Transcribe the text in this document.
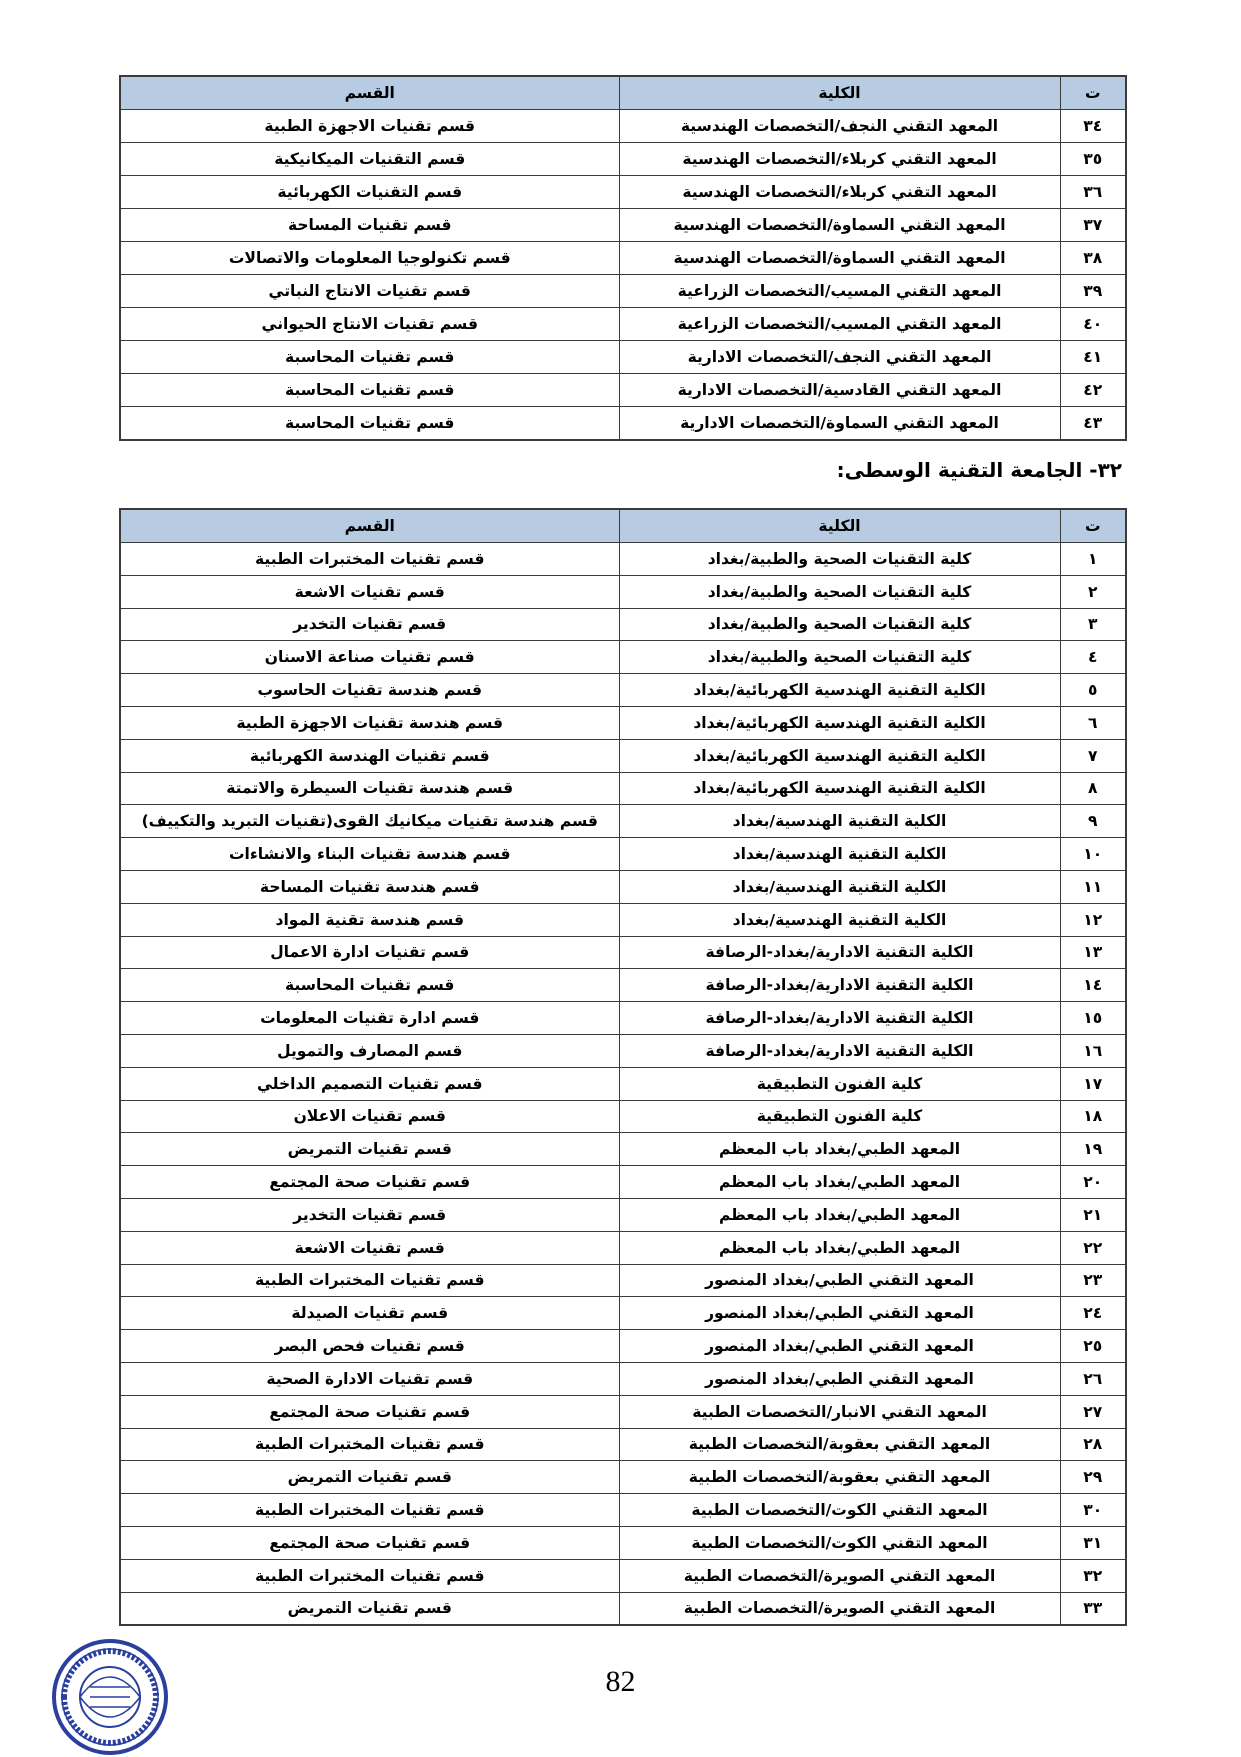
ت	الكلية	القسم
٣٤	المعهد التقني النجف/التخصصات الهندسية	قسم تقنيات الاجهزة الطبية
٣٥	المعهد التقني كربلاء/التخصصات الهندسية	قسم التقنيات الميكانيكية
٣٦	المعهد التقني كربلاء/التخصصات الهندسية	قسم التقنيات الكهربائية
٣٧	المعهد التقني السماوة/التخصصات الهندسية	قسم تقنيات المساحة
٣٨	المعهد التقني السماوة/التخصصات الهندسية	قسم تكنولوجيا المعلومات والاتصالات
٣٩	المعهد التقني المسيب/التخصصات الزراعية	قسم تقنيات الانتاج النباتي
٤٠	المعهد التقني المسيب/التخصصات الزراعية	قسم تقنيات الانتاج الحيواني
٤١	المعهد التقني النجف/التخصصات الادارية	قسم تقنيات المحاسبة
٤٢	المعهد التقني القادسية/التخصصات الادارية	قسم تقنيات المحاسبة
٤٣	المعهد التقني السماوة/التخصصات الادارية	قسم تقنيات المحاسبة
٣٢- الجامعة التقنية الوسطى:
ت	الكلية	القسم
١	كلية التقنيات الصحية والطبية/بغداد	قسم تقنيات المختبرات الطبية
٢	كلية التقنيات الصحية والطبية/بغداد	قسم تقنيات الاشعة
٣	كلية التقنيات الصحية والطبية/بغداد	قسم تقنيات التخدير
٤	كلية التقنيات الصحية والطبية/بغداد	قسم تقنيات صناعة الاسنان
٥	الكلية التقنية الهندسية الكهربائية/بغداد	قسم هندسة تقنيات الحاسوب
٦	الكلية التقنية الهندسية الكهربائية/بغداد	قسم هندسة تقنيات الاجهزة الطبية
٧	الكلية التقنية الهندسية الكهربائية/بغداد	قسم تقنيات الهندسة الكهربائية
٨	الكلية التقنية الهندسية الكهربائية/بغداد	قسم هندسة تقنيات السيطرة والاتمتة
٩	الكلية التقنية الهندسية/بغداد	قسم هندسة تقنيات ميكانيك القوى(تقنيات التبريد والتكييف)
١٠	الكلية التقنية الهندسية/بغداد	قسم هندسة تقنيات البناء والانشاءات
١١	الكلية التقنية الهندسية/بغداد	قسم هندسة تقنيات المساحة
١٢	الكلية التقنية الهندسية/بغداد	قسم هندسة تقنية المواد
١٣	الكلية التقنية الادارية/بغداد-الرصافة	قسم تقنيات ادارة الاعمال
١٤	الكلية التقنية الادارية/بغداد-الرصافة	قسم تقنيات المحاسبة
١٥	الكلية التقنية الادارية/بغداد-الرصافة	قسم ادارة تقنيات المعلومات
١٦	الكلية التقنية الادارية/بغداد-الرصافة	قسم المصارف والتمويل
١٧	كلية الفنون التطبيقية	قسم تقنيات التصميم الداخلي
١٨	كلية الفنون التطبيقية	قسم تقنيات الاعلان
١٩	المعهد الطبي/بغداد باب المعظم	قسم تقنيات التمريض
٢٠	المعهد الطبي/بغداد باب المعظم	قسم تقنيات صحة المجتمع
٢١	المعهد الطبي/بغداد باب المعظم	قسم تقنيات التخدير
٢٢	المعهد الطبي/بغداد باب المعظم	قسم تقنيات الاشعة
٢٣	المعهد التقني الطبي/بغداد المنصور	قسم تقنيات المختبرات الطبية
٢٤	المعهد التقني الطبي/بغداد المنصور	قسم تقنيات الصيدلة
٢٥	المعهد التقني الطبي/بغداد المنصور	قسم تقنيات فحص البصر
٢٦	المعهد التقني الطبي/بغداد المنصور	قسم تقنيات الادارة الصحية
٢٧	المعهد التقني الانبار/التخصصات الطبية	قسم تقنيات صحة المجتمع
٢٨	المعهد التقني بعقوبة/التخصصات الطبية	قسم تقنيات المختبرات الطبية
٢٩	المعهد التقني بعقوبة/التخصصات الطبية	قسم تقنيات التمريض
٣٠	المعهد التقني الكوت/التخصصات الطبية	قسم تقنيات المختبرات الطبية
٣١	المعهد التقني الكوت/التخصصات الطبية	قسم تقنيات صحة المجتمع
٣٢	المعهد التقني الصويرة/التخصصات الطبية	قسم تقنيات المختبرات الطبية
٣٣	المعهد التقني الصويرة/التخصصات الطبية	قسم تقنيات التمريض
82
